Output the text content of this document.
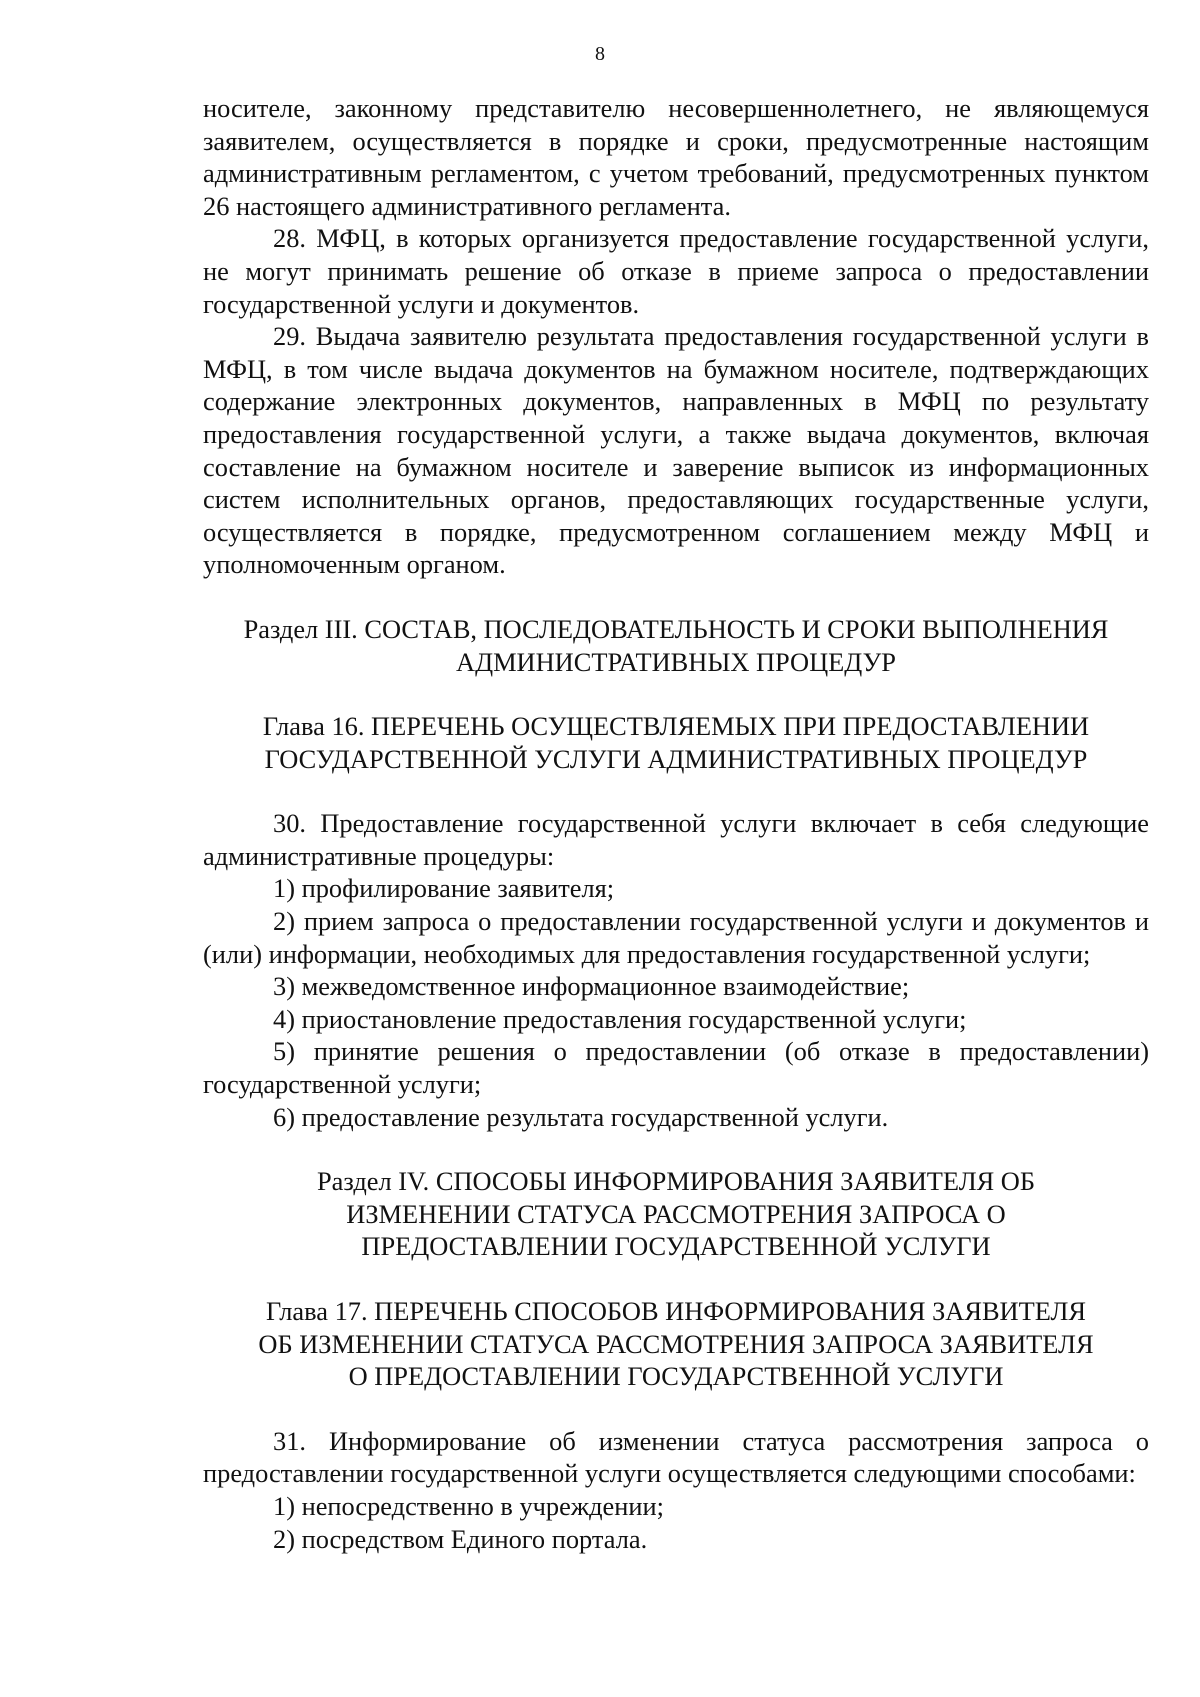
8

носителе, законному представителю несовершеннолетнего, не являющемуся заявителем, осуществляется в порядке и сроки, предусмотренные настоящим административным регламентом, с учетом требований, предусмотренных пунктом 26 настоящего административного регламента.

28. МФЦ, в которых организуется предоставление государственной услуги, не могут принимать решение об отказе в приеме запроса о предоставлении государственной услуги и документов.

29. Выдача заявителю результата предоставления государственной услуги в МФЦ, в том числе выдача документов на бумажном носителе, подтверждающих содержание электронных документов, направленных в МФЦ по результату предоставления государственной услуги, а также выдача документов, включая составление на бумажном носителе и заверение выписок из информационных систем исполнительных органов, предоставляющих государственные услуги, осуществляется в порядке, предусмотренном соглашением между МФЦ и уполномоченным органом.

Раздел III. СОСТАВ, ПОСЛЕДОВАТЕЛЬНОСТЬ И СРОКИ ВЫПОЛНЕНИЯ

АДМИНИСТРАТИВНЫХ ПРОЦЕДУР

Глава 16. ПЕРЕЧЕНЬ ОСУЩЕСТВЛЯЕМЫХ ПРИ ПРЕДОСТАВЛЕНИИ

ГОСУДАРСТВЕННОЙ УСЛУГИ АДМИНИСТРАТИВНЫХ ПРОЦЕДУР

30. Предоставление государственной услуги включает в себя следующие административные процедуры:

1) профилирование заявителя;

2) прием запроса о предоставлении государственной услуги и документов и (или) информации, необходимых для предоставления государственной услуги;

3) межведомственное информационное взаимодействие;

4) приостановление предоставления государственной услуги;

5) принятие решения о предоставлении (об отказе в предоставлении) государственной услуги;

6) предоставление результата государственной услуги.

Раздел IV. СПОСОБЫ ИНФОРМИРОВАНИЯ ЗАЯВИТЕЛЯ ОБ

ИЗМЕНЕНИИ СТАТУСА РАССМОТРЕНИЯ ЗАПРОСА О

ПРЕДОСТАВЛЕНИИ ГОСУДАРСТВЕННОЙ УСЛУГИ

Глава 17. ПЕРЕЧЕНЬ СПОСОБОВ ИНФОРМИРОВАНИЯ ЗАЯВИТЕЛЯ

ОБ ИЗМЕНЕНИИ СТАТУСА РАССМОТРЕНИЯ ЗАПРОСА ЗАЯВИТЕЛЯ

О ПРЕДОСТАВЛЕНИИ ГОСУДАРСТВЕННОЙ УСЛУГИ

31. Информирование об изменении статуса рассмотрения запроса о предоставлении государственной услуги осуществляется следующими способами:

1) непосредственно в учреждении;

2) посредством Единого портала.
